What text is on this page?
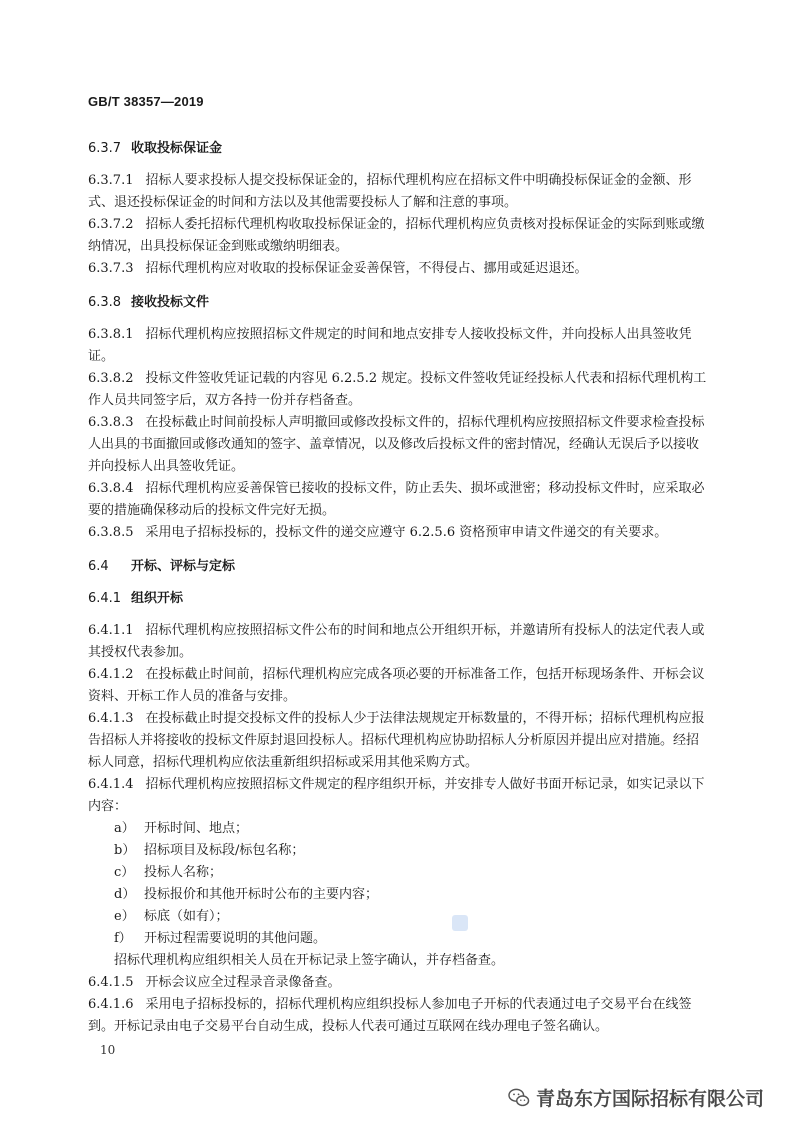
GB/T 38357—2019
6.3.7 收取投标保证金
6.3.7.1 招标人要求投标人提交投标保证金的，招标代理机构应在招标文件中明确投标保证金的金额、形式、退还投标保证金的时间和方法以及其他需要投标人了解和注意的事项。
6.3.7.2 招标人委托招标代理机构收取投标保证金的，招标代理机构应负责核对投标保证金的实际到账或缴纳情况，出具投标保证金到账或缴纳明细表。
6.3.7.3 招标代理机构应对收取的投标保证金妥善保管，不得侵占、挪用或延迟退还。
6.3.8 接收投标文件
6.3.8.1 招标代理机构应按照招标文件规定的时间和地点安排专人接收投标文件，并向投标人出具签收凭证。
6.3.8.2 投标文件签收凭证记载的内容见 6.2.5.2 规定。投标文件签收凭证经投标人代表和招标代理机构工作人员共同签字后，双方各持一份并存档备查。
6.3.8.3 在投标截止时间前投标人声明撤回或修改投标文件的，招标代理机构应按照招标文件要求检查投标人出具的书面撤回或修改通知的签字、盖章情况，以及修改后投标文件的密封情况，经确认无误后予以接收并向投标人出具签收凭证。
6.3.8.4 招标代理机构应妥善保管已接收的投标文件，防止丢失、损坏或泄密；移动投标文件时，应采取必要的措施确保移动后的投标文件完好无损。
6.3.8.5 采用电子招标投标的，投标文件的递交应遵守 6.2.5.6 资格预审申请文件递交的有关要求。
6.4 开标、评标与定标
6.4.1 组织开标
6.4.1.1 招标代理机构应按照招标文件公布的时间和地点公开组织开标，并邀请所有投标人的法定代表人或其授权代表参加。
6.4.1.2 在投标截止时间前，招标代理机构应完成各项必要的开标准备工作，包括开标现场条件、开标会议资料、开标工作人员的准备与安排。
6.4.1.3 在投标截止时提交投标文件的投标人少于法律法规规定开标数量的，不得开标；招标代理机构应报告招标人并将接收的投标文件原封退回投标人。招标代理机构应协助招标人分析原因并提出应对措施。经招标人同意，招标代理机构应依法重新组织招标或采用其他采购方式。
6.4.1.4 招标代理机构应按照招标文件规定的程序组织开标，并安排专人做好书面开标记录，如实记录以下内容：
a） 开标时间、地点；
b） 招标项目及标段/标包名称；
c） 投标人名称；
d） 投标报价和其他开标时公布的主要内容；
e） 标底（如有）；
f） 开标过程需要说明的其他问题。
招标代理机构应组织相关人员在开标记录上签字确认，并存档备查。
6.4.1.5 开标会议应全过程录音录像备查。
6.4.1.6 采用电子招标投标的，招标代理机构应组织投标人参加电子开标的代表通过电子交易平台在线签到。开标记录由电子交易平台自动生成，投标人代表可通过互联网在线办理电子签名确认。
10
青岛东方国际招标有限公司
